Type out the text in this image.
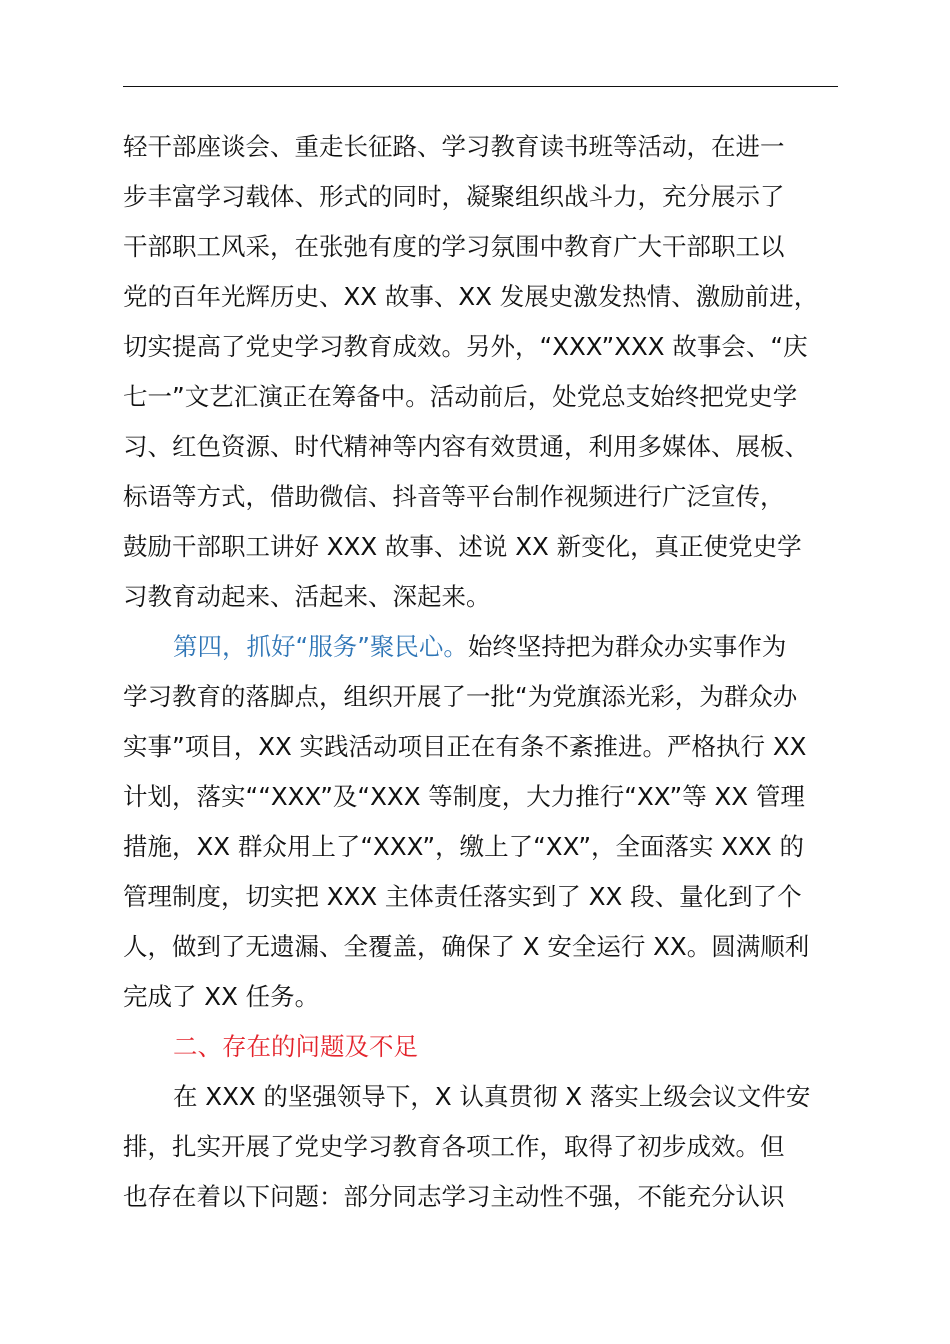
轻干部座谈会、重走长征路、学习教育读书班等活动，在进一
步丰富学习载体、形式的同时，凝聚组织战斗力，充分展示了
干部职工风采，在张弛有度的学习氛围中教育广大干部职工以
党的百年光辉历史、XX 故事、XX 发展史激发热情、激励前进，
切实提高了党史学习教育成效。另外，“XXX”XXX 故事会、“庆
七一”文艺汇演正在筹备中。活动前后，处党总支始终把党史学
习、红色资源、时代精神等内容有效贯通，利用多媒体、展板、
标语等方式，借助微信、抖音等平台制作视频进行广泛宣传，
鼓励干部职工讲好 XXX 故事、述说 XX 新变化，真正使党史学
习教育动起来、活起来、深起来。
第四，抓好“服务”聚民心。始终坚持把为群众办实事作为
学习教育的落脚点，组织开展了一批“为党旗添光彩，为群众办
实事”项目，XX 实践活动项目正在有条不紊推进。严格执行 XX
计划，落实““XXX”及“XXX 等制度，大力推行“XX”等 XX 管理
措施，XX 群众用上了“XXX”，缴上了“XX”，全面落实 XXX 的
管理制度，切实把 XXX 主体责任落实到了 XX 段、量化到了个
人，做到了无遗漏、全覆盖，确保了 X 安全运行 XX。圆满顺利
完成了 XX 任务。
二、存在的问题及不足
在 XXX 的坚强领导下，X 认真贯彻 X 落实上级会议文件安
排，扎实开展了党史学习教育各项工作，取得了初步成效。但
也存在着以下问题：部分同志学习主动性不强，不能充分认识
